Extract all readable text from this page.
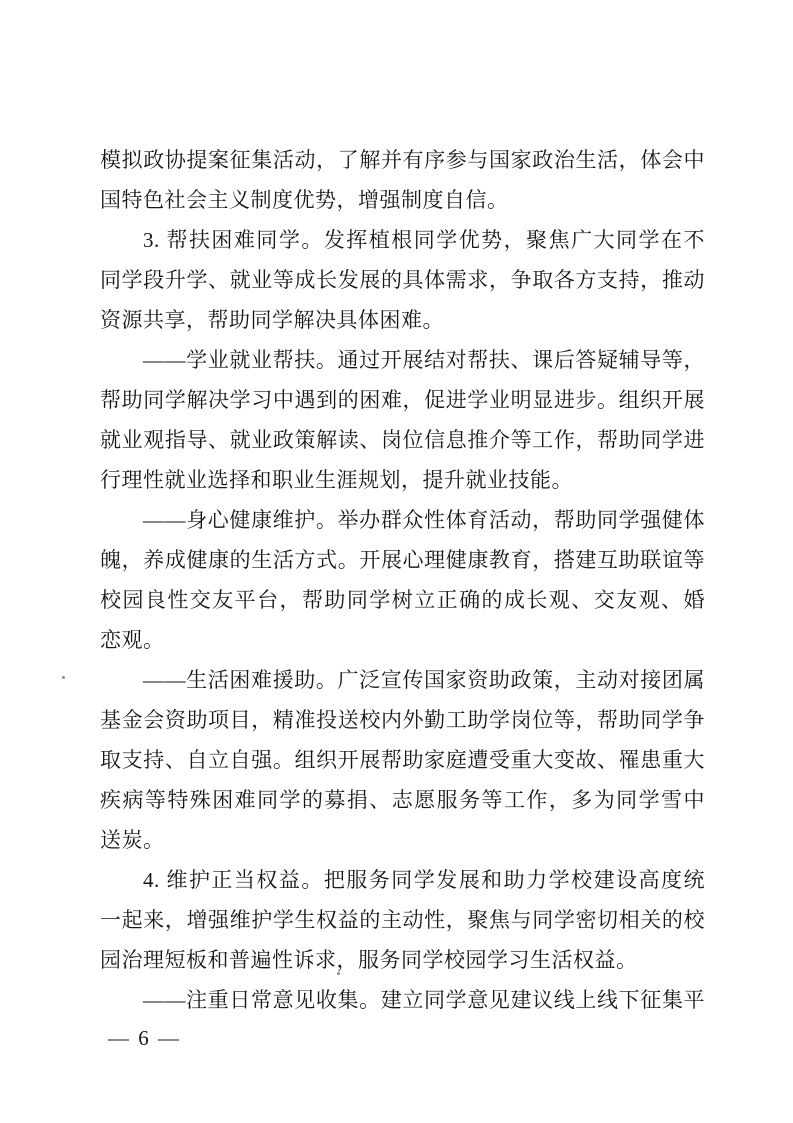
模拟政协提案征集活动，了解并有序参与国家政治生活，体会中
国特色社会主义制度优势，增强制度自信。
3. 帮扶困难同学。发挥植根同学优势，聚焦广大同学在不
同学段升学、就业等成长发展的具体需求，争取各方支持，推动
资源共享，帮助同学解决具体困难。
——学业就业帮扶。通过开展结对帮扶、课后答疑辅导等，
帮助同学解决学习中遇到的困难，促进学业明显进步。组织开展
就业观指导、就业政策解读、岗位信息推介等工作，帮助同学进
行理性就业选择和职业生涯规划，提升就业技能。
——身心健康维护。举办群众性体育活动，帮助同学强健体
魄，养成健康的生活方式。开展心理健康教育，搭建互助联谊等
校园良性交友平台，帮助同学树立正确的成长观、交友观、婚
恋观。
——生活困难援助。广泛宣传国家资助政策，主动对接团属
基金会资助项目，精准投送校内外勤工助学岗位等，帮助同学争
取支持、自立自强。组织开展帮助家庭遭受重大变故、罹患重大
疾病等特殊困难同学的募捐、志愿服务等工作，多为同学雪中
送炭。
4. 维护正当权益。把服务同学发展和助力学校建设高度统
一起来，增强维护学生权益的主动性，聚焦与同学密切相关的校
园治理短板和普遍性诉求，服务同学校园学习生活权益。
——注重日常意见收集。建立同学意见建议线上线下征集平
— 6 —
